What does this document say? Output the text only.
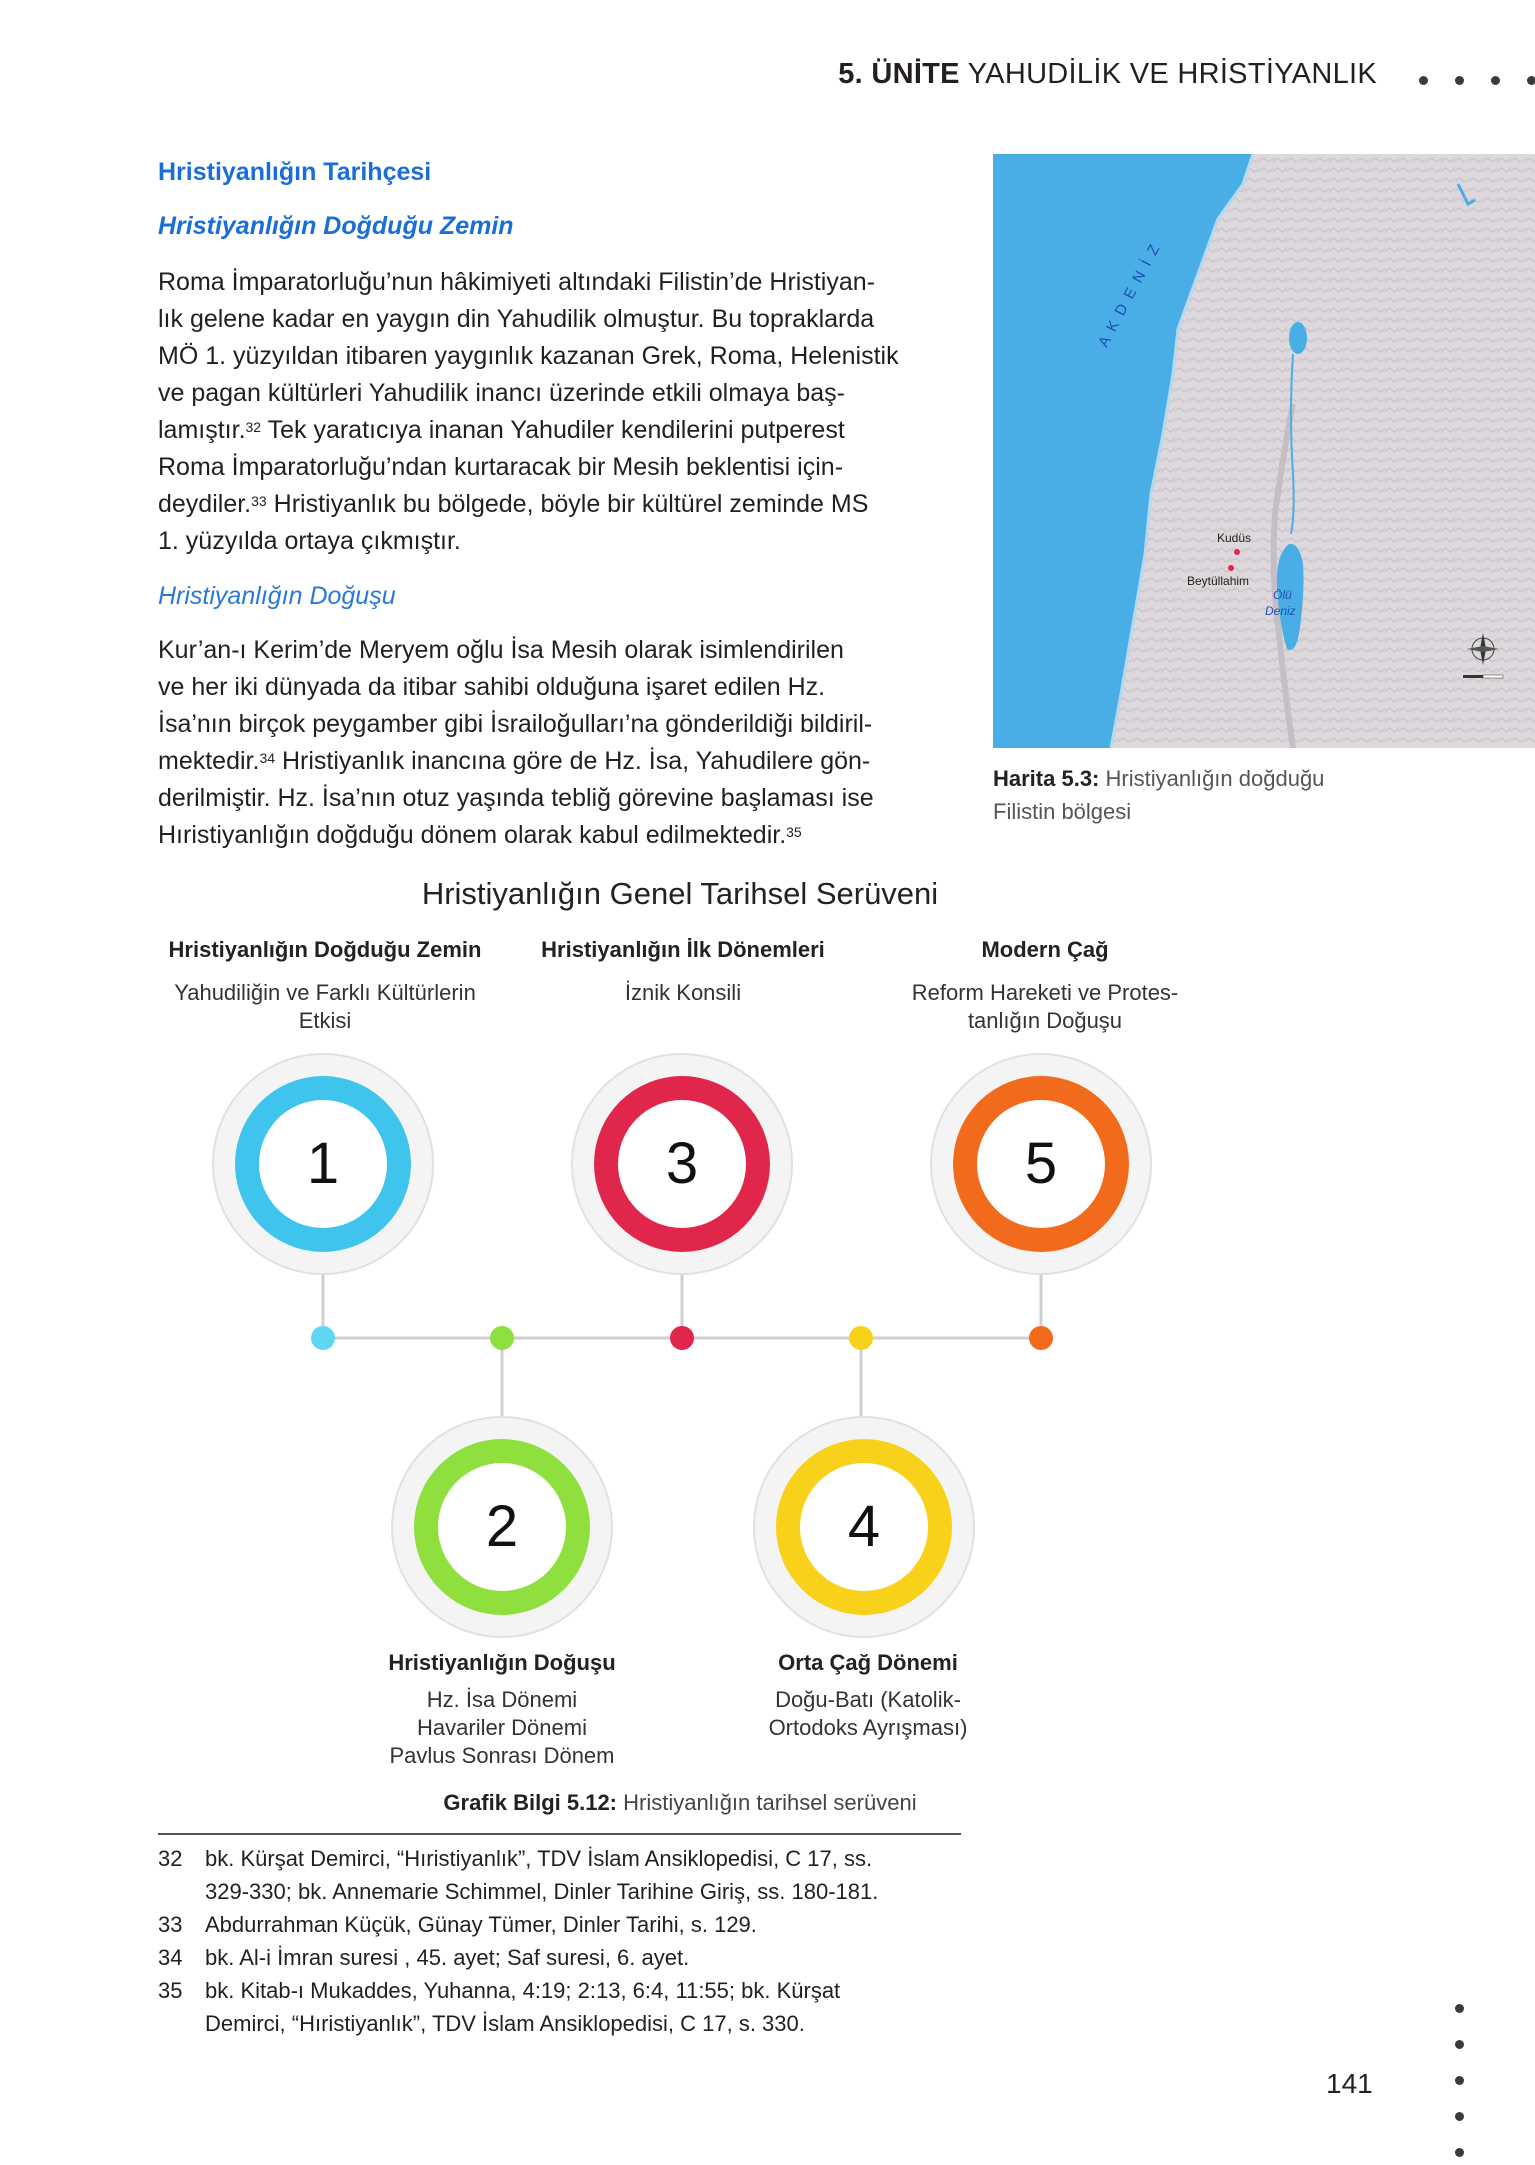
5. ÜNİTE YAHUDİLİK VE HRİSTİYANLIK
Hristiyanlığın Tarihçesi
Hristiyanlığın Doğduğu Zemin
Roma İmparatorluğu’nun hâkimiyeti altındaki Filistin’de Hristiyan-
lık gelene kadar en yaygın din Yahudilik olmuştur. Bu topraklarda
MÖ 1. yüzyıldan itibaren yaygınlık kazanan Grek, Roma, Helenistik
ve pagan kültürleri Yahudilik inancı üzerinde etkili olmaya baş-
lamıştır.$^{32}$ Tek yaratıcıya inanan Yahudiler kendilerini putperest
Roma İmparatorluğu’ndan kurtaracak bir Mesih beklentisi için-
deydiler.$^{33}$ Hristiyanlık bu bölgede, böyle bir kültürel zeminde MS
1. yüzyılda ortaya çıkmıştır.
Hristiyanlığın Doğuşu
Kur’an-ı Kerim’de Meryem oğlu İsa Mesih olarak isimlendirilen
ve her iki dünyada da itibar sahibi olduğuna işaret edilen Hz.
İsa’nın birçok peygamber gibi İsrailoğulları’na gönderildiği bildiril-
mektedir.$^{34}$ Hristiyanlık inancına göre de Hz. İsa, Yahudilere gön-
derilmiştir. Hz. İsa’nın otuz yaşında tebliğ görevine başlaması ise
Hıristiyanlığın doğduğu dönem olarak kabul edilmektedir.$^{35}$
A K D E N İ Z
Kudüs
Beytüllahim
Ölü
Deniz
Harita 5.3: Hristiyanlığın doğduğu
Filistin bölgesi
Hristiyanlığın Genel Tarihsel Serüveni
Hristiyanlığın Doğduğu Zemin
Yahudiliğin ve Farklı Kültürlerin
Etkisi
Hristiyanlığın İlk Dönemleri
İznik Konsili
Modern Çağ
Reform Hareketi ve Protes-
tanlığın Doğuşu
1	3	5
2	4
Hristiyanlığın Doğuşu
Hz. İsa Dönemi
Havariler Dönemi
Pavlus Sonrası Dönem
Orta Çağ Dönemi
Doğu-Batı (Katolik-
Ortodoks Ayrışması)
Grafik Bilgi 5.12: Hristiyanlığın tarihsel serüveni
32 bk. Kürşat Demirci, “Hıristiyanlık”, TDV İslam Ansiklopedisi, C 17, ss.
329-330; bk. Annemarie Schimmel, Dinler Tarihine Giriş, ss. 180-181.
33 Abdurrahman Küçük, Günay Tümer, Dinler Tarihi, s. 129.
34 bk. Al-i İmran suresi , 45. ayet; Saf suresi, 6. ayet.
35 bk. Kitab-ı Mukaddes, Yuhanna, 4:19; 2:13, 6:4, 11:55; bk. Kürşat
Demirci, “Hıristiyanlık”, TDV İslam Ansiklopedisi, C 17, s. 330.
141
